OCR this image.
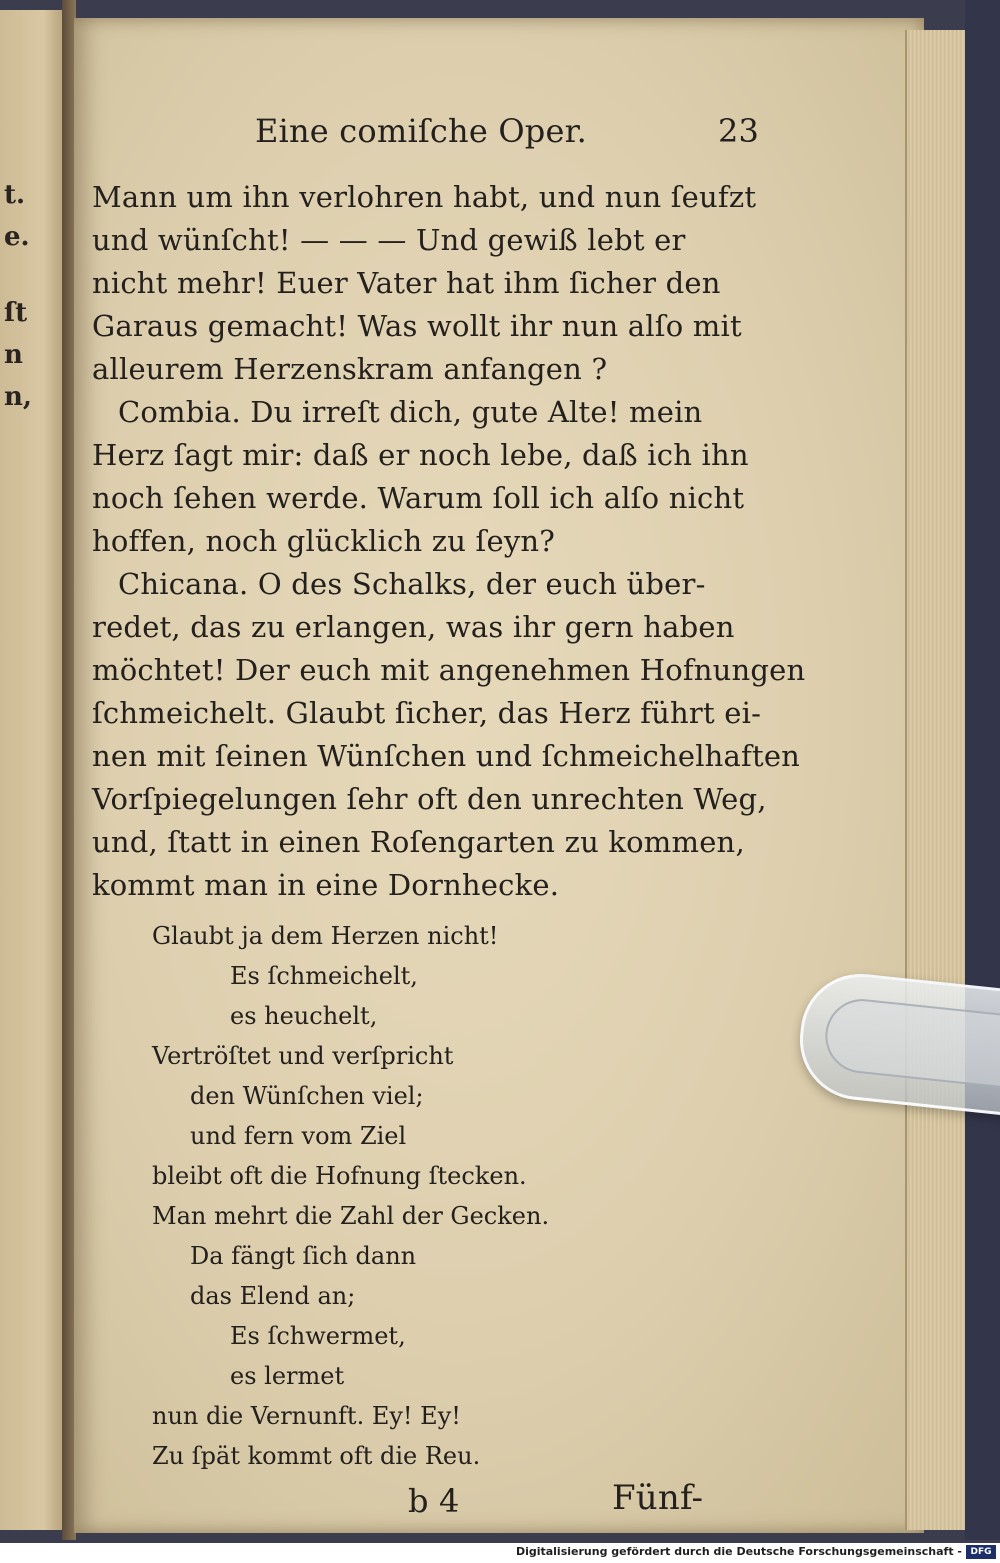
t.
e.
ſt
n
n,
Eine comiſche Oper.	23
Mann um ihn verlohren habt, und nun ſeufzt
und wünſcht! — — — Und gewiß lebt er
nicht mehr! Euer Vater hat ihm ſicher den
Garaus gemacht! Was wollt ihr nun alſo mit
alleurem Herzenskram anfangen ?
Combia. Du irreſt dich, gute Alte! mein
Herz ſagt mir: daß er noch lebe, daß ich ihn
noch ſehen werde. Warum ſoll ich alſo nicht
hoffen, noch glücklich zu ſeyn?
Chicana. O des Schalks, der euch über-
redet, das zu erlangen, was ihr gern haben
möchtet! Der euch mit angenehmen Hofnungen
ſchmeichelt. Glaubt ſicher, das Herz führt ei-
nen mit ſeinen Wünſchen und ſchmeichelhaften
Vorſpiegelungen ſehr oft den unrechten Weg,
und, ſtatt in einen Roſengarten zu kommen,
kommt man in eine Dornhecke.
Glaubt ja dem Herzen nicht!
Es ſchmeichelt,
es heuchelt,
Vertröſtet und verſpricht
den Wünſchen viel;
und fern vom Ziel
bleibt oft die Hofnung ſtecken.
Man mehrt die Zahl der Gecken.
Da fängt ſich dann
das Elend an;
Es ſchwermet,
es lermet
nun die Vernunft. Ey! Ey!
Zu ſpät kommt oft die Reu.
b 4	Fünf-
Digitalisierung gefördert durch die Deutsche Forschungsgemeinschaft - DFG
